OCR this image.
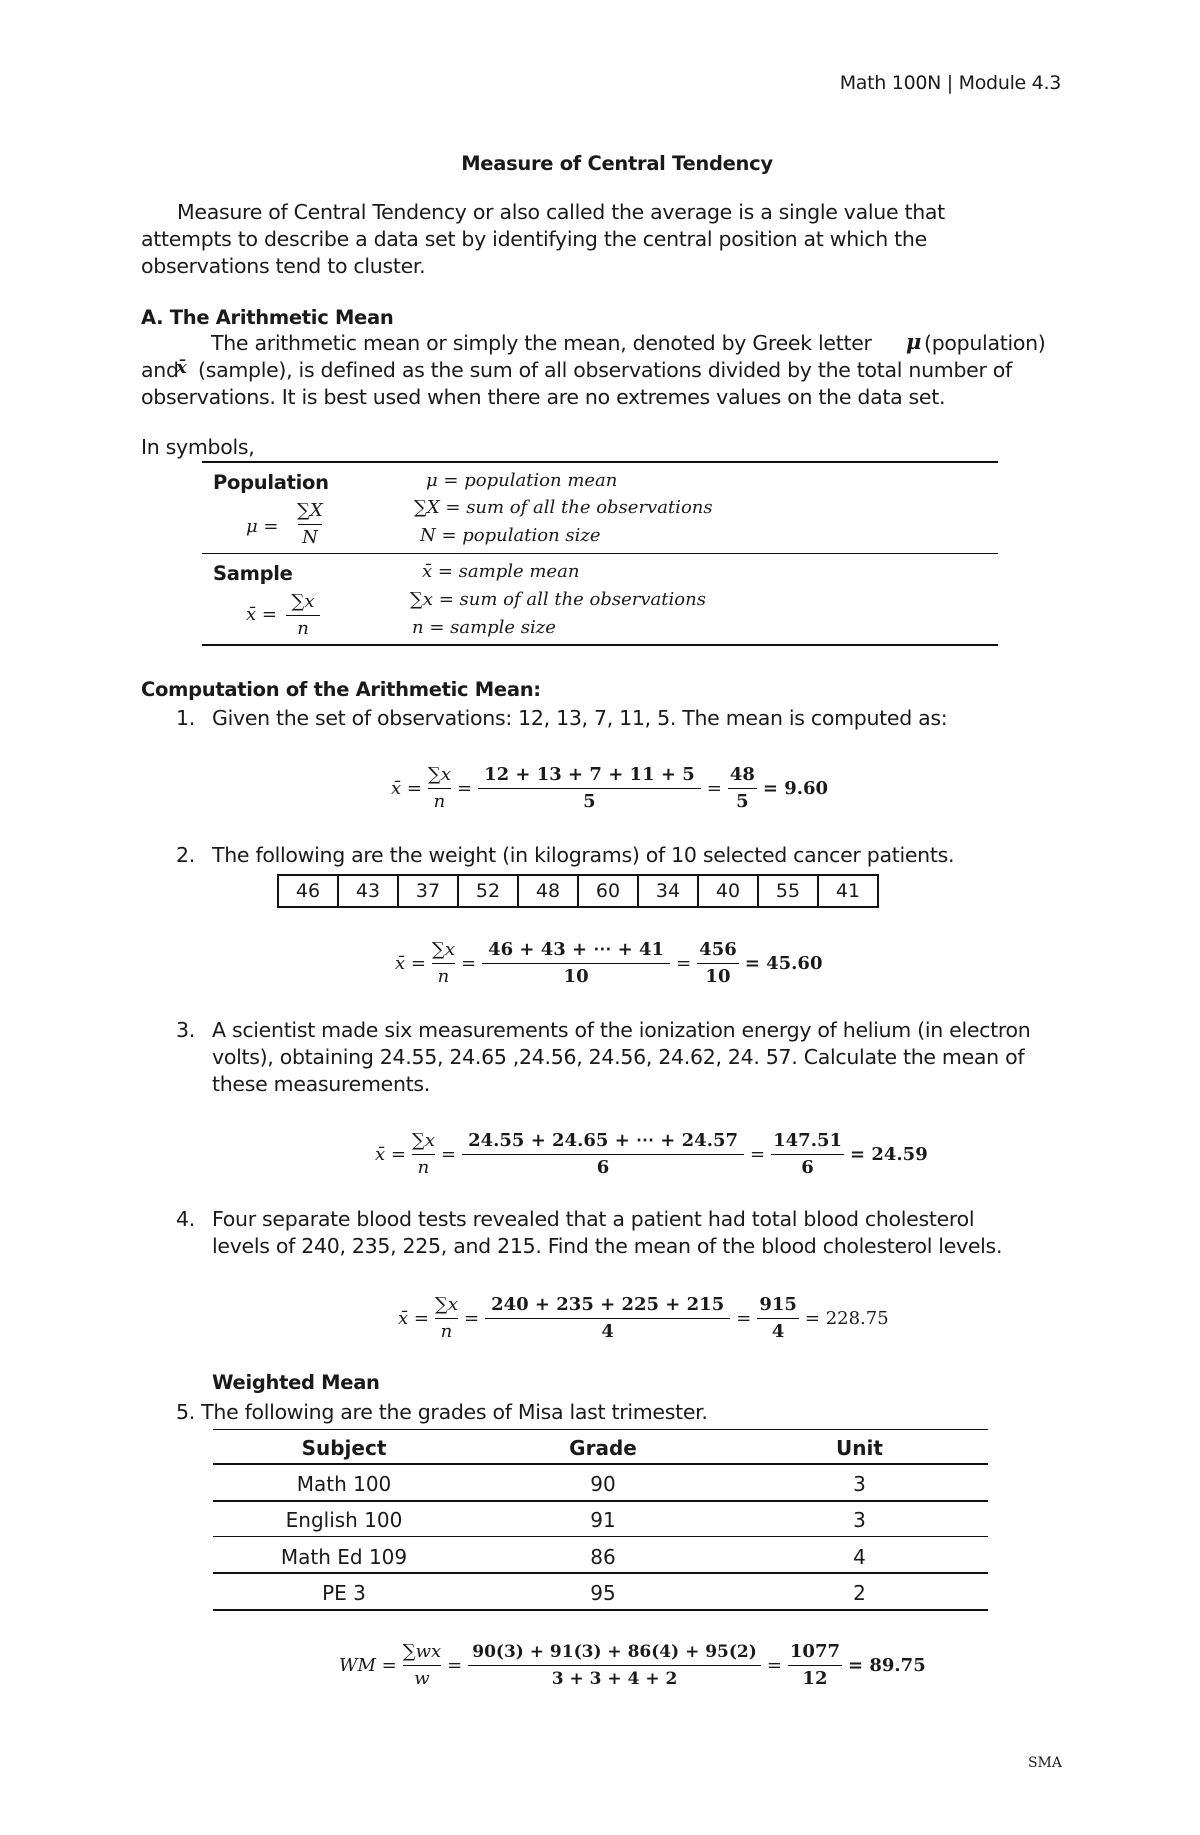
Math 100N | Module 4.3
Measure of Central Tendency
Measure of Central Tendency or also called the average is a single value that
attempts to describe a data set by identifying the central position at which the
observations tend to cluster.
A. The Arithmetic Mean
The arithmetic mean or simply the mean, denoted by Greek letter μ (population)
and
x̄ (sample), is defined as the sum of all observations divided by the total number of
observations. It is best used when there are no extremes values on the data set.
In symbols,
Population
μ =
∑X
N
μ = population mean
∑X = sum of all the observations
N = population size
Sample
x̄ =
∑x
n
x̄ = sample mean
∑x = sum of all the observations
n = sample size
Computation of the Arithmetic Mean:
1. Given the set of observations: 12, 13, 7, 11, 5. The mean is computed as:
x̄ = $\frac{\sum x}{n}$ =
12 + 13 + 7 + 11 + 5
5
=
48
5
= 9.60
2. The following are the weight (in kilograms) of 10 selected cancer patients.
46	43	37	52	48	60	34	40	55	41
x̄ =
∑x
n
=
46 + 43 + ⋯ + 41
10
=
456
10
= 45.60
3. A scientist made six measurements of the ionization energy of helium (in electron
volts), obtaining 24.55, 24.65 ,24.56, 24.56, 24.62, 24. 57. Calculate the mean of
these measurements.
x̄ =
∑x
n
=
24.55 + 24.65 + ⋯ + 24.57
6
=
147.51
6
= 24.59
4. Four separate blood tests revealed that a patient had total blood cholesterol
levels of 240, 235, 225, and 215. Find the mean of the blood cholesterol levels.
x̄ =
∑x
n
=
240 + 235 + 225 + 215
4
=
915
4
= 228.75
Weighted Mean
5. The following are the grades of Misa last trimester.
Subject	Grade	Unit
Math 100	90	3
English 100	91	3
Math Ed 109	86	4
PE 3	95	2
WM =
∑wx
w
=
90(3) + 91(3) + 86(4) + 95(2)
3 + 3 + 4 + 2
=
1077
12
= 89.75
SMA
